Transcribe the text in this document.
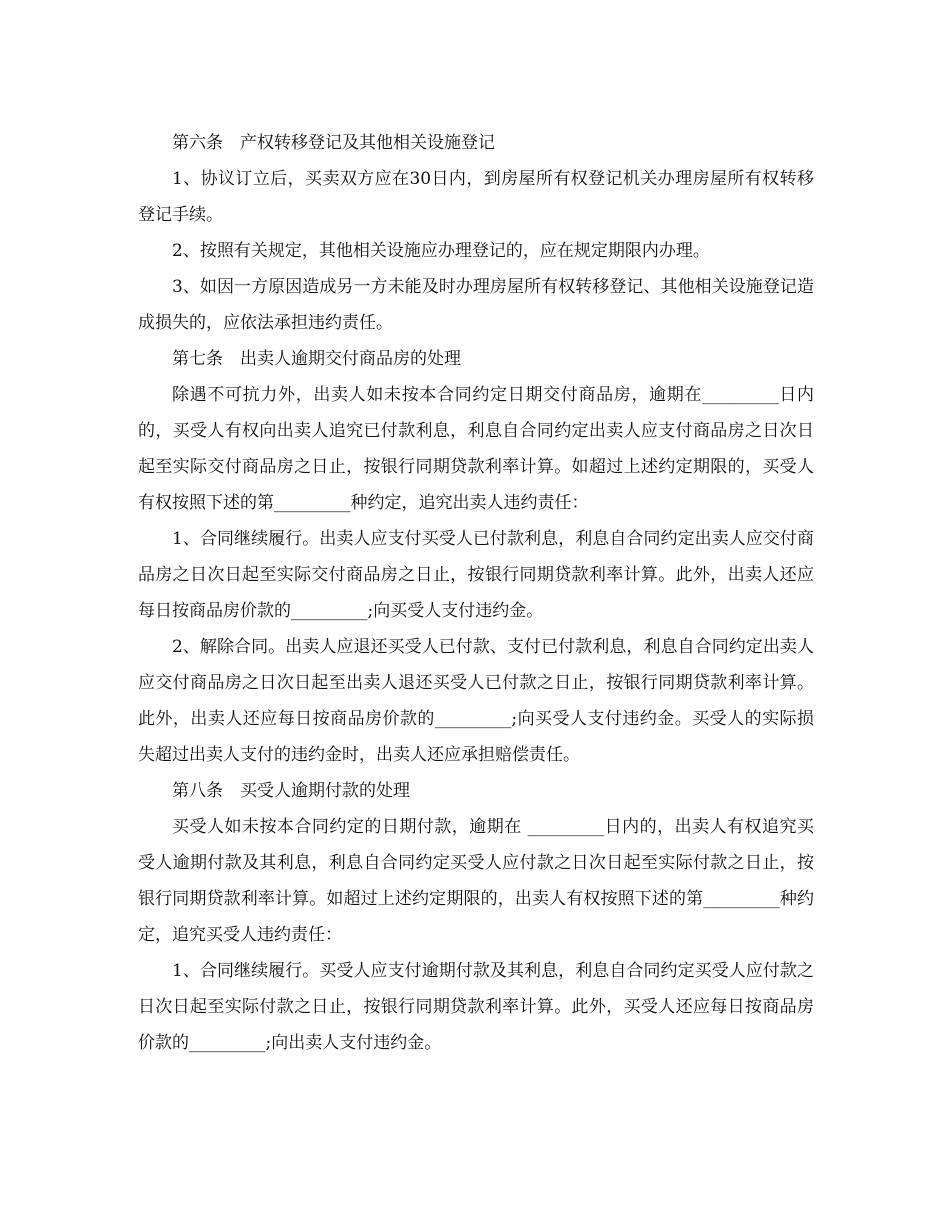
第六条　产权转移登记及其他相关设施登记

1、协议订立后，买卖双方应在30日内，到房屋所有权登记机关办理房屋所有权转移登记手续。

2、按照有关规定，其他相关设施应办理登记的，应在规定期限内办理。

3、如因一方原因造成另一方未能及时办理房屋所有权转移登记、其他相关设施登记造成损失的，应依法承担违约责任。

第七条　出卖人逾期交付商品房的处理

除遇不可抗力外，出卖人如未按本合同约定日期交付商品房，逾期在_________日内的，买受人有权向出卖人追究已付款利息，利息自合同约定出卖人应支付商品房之日次日起至实际交付商品房之日止，按银行同期贷款利率计算。如超过上述约定期限的，买受人有权按照下述的第_________种约定，追究出卖人违约责任：

1、合同继续履行。出卖人应支付买受人已付款利息，利息自合同约定出卖人应交付商品房之日次日起至实际交付商品房之日止，按银行同期贷款利率计算。此外，出卖人还应每日按商品房价款的_________;向买受人支付违约金。

2、解除合同。出卖人应退还买受人已付款、支付已付款利息，利息自合同约定出卖人应交付商品房之日次日起至出卖人退还买受人已付款之日止，按银行同期贷款利率计算。此外，出卖人还应每日按商品房价款的_________;向买受人支付违约金。买受人的实际损失超过出卖人支付的违约金时，出卖人还应承担赔偿责任。

第八条　买受人逾期付款的处理

买受人如未按本合同约定的日期付款，逾期在 _________日内的，出卖人有权追究买受人逾期付款及其利息，利息自合同约定买受人应付款之日次日起至实际付款之日止，按银行同期贷款利率计算。如超过上述约定期限的，出卖人有权按照下述的第_________种约定，追究买受人违约责任：

1、合同继续履行。买受人应支付逾期付款及其利息，利息自合同约定买受人应付款之日次日起至实际付款之日止，按银行同期贷款利率计算。此外，买受人还应每日按商品房价款的_________;向出卖人支付违约金。
